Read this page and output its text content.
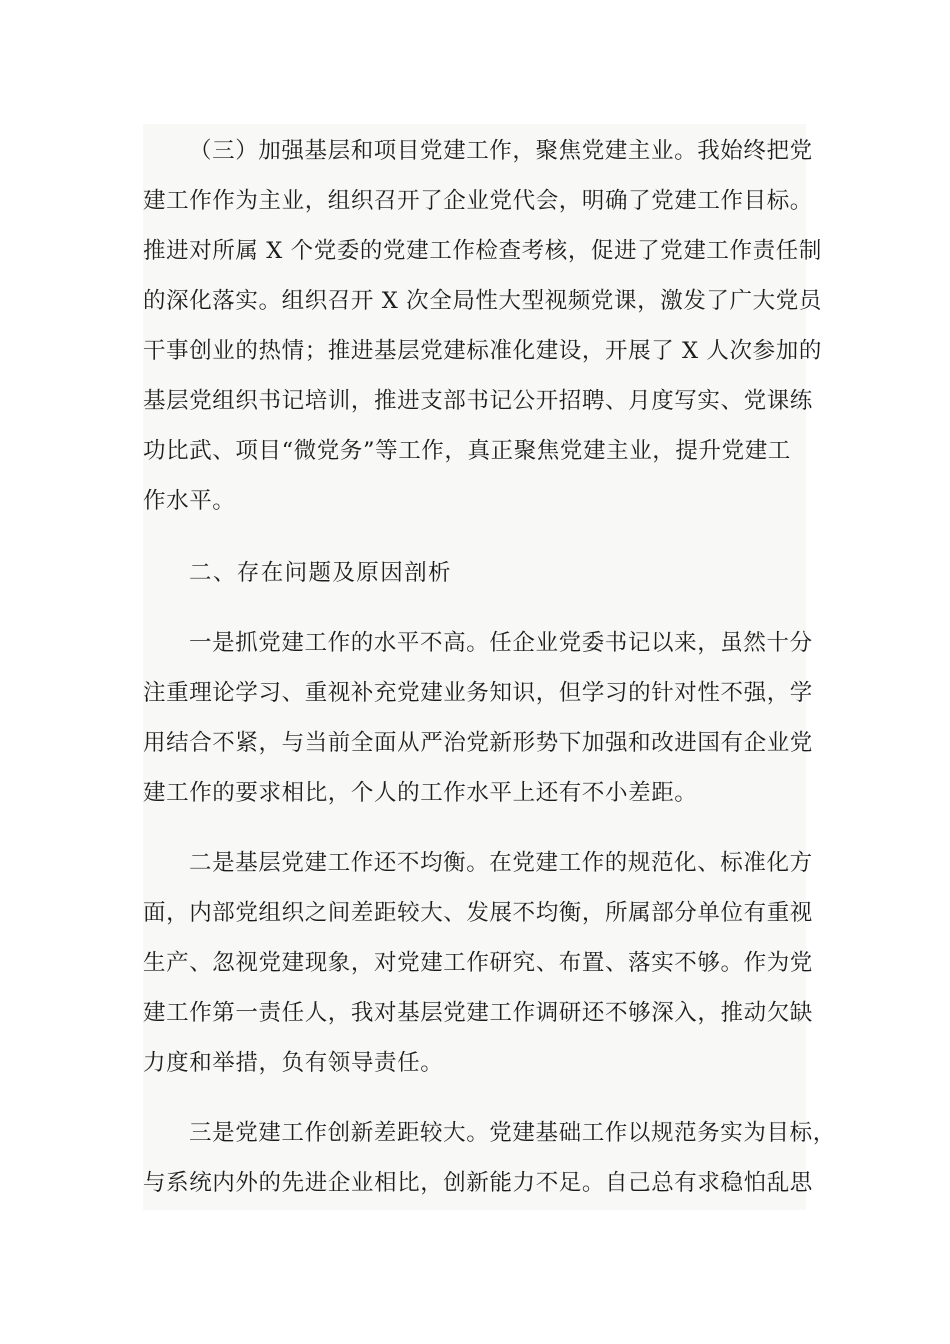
（三）加强基层和项目党建工作，聚焦党建主业。我始终把党
建工作作为主业，组织召开了企业党代会，明确了党建工作目标。
推进对所属 X 个党委的党建工作检查考核，促进了党建工作责任制
的深化落实。组织召开 X 次全局性大型视频党课，激发了广大党员
干事创业的热情；推进基层党建标准化建设，开展了 X 人次参加的
基层党组织书记培训，推进支部书记公开招聘、月度写实、党课练
功比武、项目“微党务”等工作，真正聚焦党建主业，提升党建工
作水平。
二、存在问题及原因剖析
一是抓党建工作的水平不高。任企业党委书记以来，虽然十分
注重理论学习、重视补充党建业务知识，但学习的针对性不强，学
用结合不紧，与当前全面从严治党新形势下加强和改进国有企业党
建工作的要求相比，个人的工作水平上还有不小差距。
二是基层党建工作还不均衡。在党建工作的规范化、标准化方
面，内部党组织之间差距较大、发展不均衡，所属部分单位有重视
生产、忽视党建现象，对党建工作研究、布置、落实不够。作为党
建工作第一责任人，我对基层党建工作调研还不够深入，推动欠缺
力度和举措，负有领导责任。
三是党建工作创新差距较大。党建基础工作以规范务实为目标，
与系统内外的先进企业相比，创新能力不足。自己总有求稳怕乱思
